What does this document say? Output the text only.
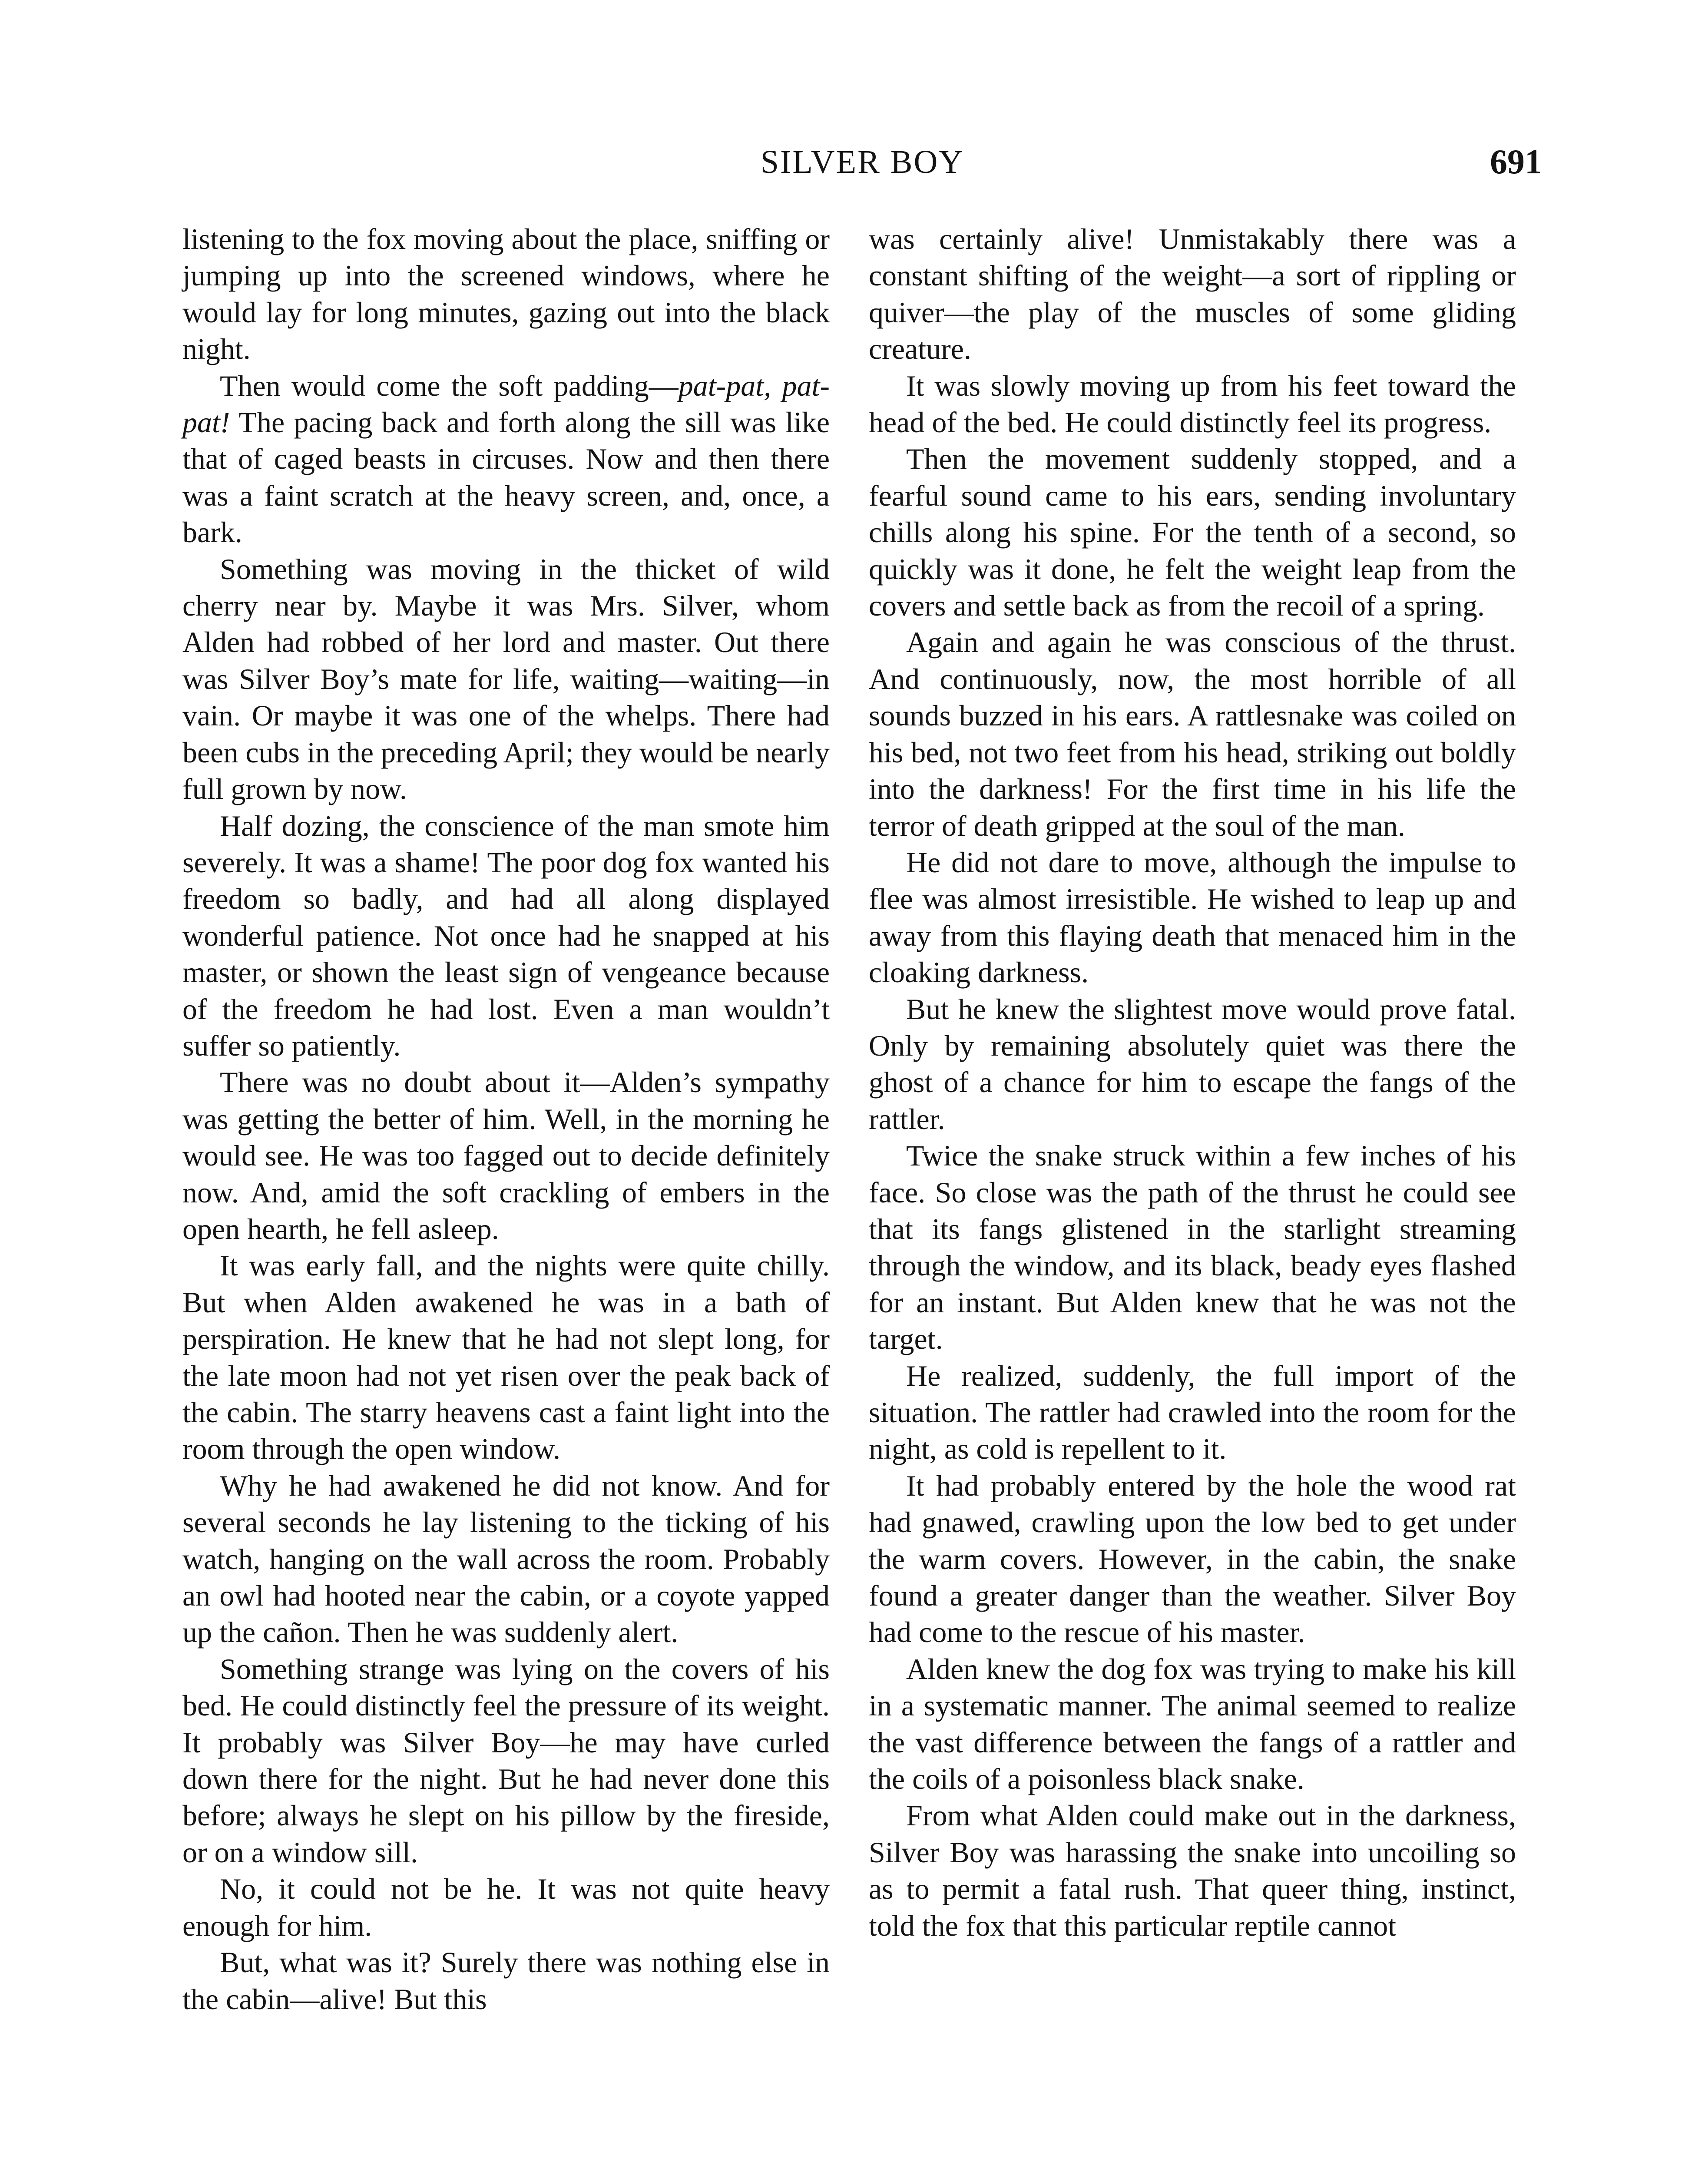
SILVER BOY	691

listening to the fox moving about the place, sniffing or jumping up into the screened windows, where he would lay for long minutes, gazing out into the black night.

Then would come the soft padding—pat-pat, pat-pat! The pacing back and forth along the sill was like that of caged beasts in circuses. Now and then there was a faint scratch at the heavy screen, and, once, a bark.

Something was moving in the thicket of wild cherry near by. Maybe it was Mrs. Silver, whom Alden had robbed of her lord and master. Out there was Silver Boy’s mate for life, waiting—waiting—in vain. Or maybe it was one of the whelps. There had been cubs in the preceding April; they would be nearly full grown by now.

Half dozing, the conscience of the man smote him severely. It was a shame! The poor dog fox wanted his freedom so badly, and had all along displayed wonderful patience. Not once had he snapped at his master, or shown the least sign of vengeance because of the freedom he had lost. Even a man wouldn’t suffer so patiently.

There was no doubt about it—Alden’s sympathy was getting the better of him. Well, in the morning he would see. He was too fagged out to decide definitely now. And, amid the soft crackling of embers in the open hearth, he fell asleep.

It was early fall, and the nights were quite chilly. But when Alden awakened he was in a bath of perspiration. He knew that he had not slept long, for the late moon had not yet risen over the peak back of the cabin. The starry heavens cast a faint light into the room through the open window.

Why he had awakened he did not know. And for several seconds he lay listening to the ticking of his watch, hanging on the wall across the room. Probably an owl had hooted near the cabin, or a coyote yapped up the cañon. Then he was suddenly alert.

Something strange was lying on the covers of his bed. He could distinctly feel the pressure of its weight. It probably was Silver Boy—he may have curled down there for the night. But he had never done this before; always he slept on his pillow by the fireside, or on a window sill.

No, it could not be he. It was not quite heavy enough for him.

But, what was it? Surely there was nothing else in the cabin—alive! But this

was certainly alive! Unmistakably there was a constant shifting of the weight—a sort of rippling or quiver—the play of the muscles of some gliding creature.

It was slowly moving up from his feet toward the head of the bed. He could distinctly feel its progress.

Then the movement suddenly stopped, and a fearful sound came to his ears, sending involuntary chills along his spine. For the tenth of a second, so quickly was it done, he felt the weight leap from the covers and settle back as from the recoil of a spring.

Again and again he was conscious of the thrust. And continuously, now, the most horrible of all sounds buzzed in his ears. A rattlesnake was coiled on his bed, not two feet from his head, striking out boldly into the darkness! For the first time in his life the terror of death gripped at the soul of the man.

He did not dare to move, although the impulse to flee was almost irresistible. He wished to leap up and away from this flaying death that menaced him in the cloaking darkness.

But he knew the slightest move would prove fatal. Only by remaining absolutely quiet was there the ghost of a chance for him to escape the fangs of the rattler.

Twice the snake struck within a few inches of his face. So close was the path of the thrust he could see that its fangs glistened in the starlight streaming through the window, and its black, beady eyes flashed for an instant. But Alden knew that he was not the target.

He realized, suddenly, the full import of the situation. The rattler had crawled into the room for the night, as cold is repellent to it.

It had probably entered by the hole the wood rat had gnawed, crawling upon the low bed to get under the warm covers. However, in the cabin, the snake found a greater danger than the weather. Silver Boy had come to the rescue of his master.

Alden knew the dog fox was trying to make his kill in a systematic manner. The animal seemed to realize the vast difference between the fangs of a rattler and the coils of a poisonless black snake.

From what Alden could make out in the darkness, Silver Boy was harassing the snake into uncoiling so as to permit a fatal rush. That queer thing, instinct, told the fox that this particular reptile cannot
